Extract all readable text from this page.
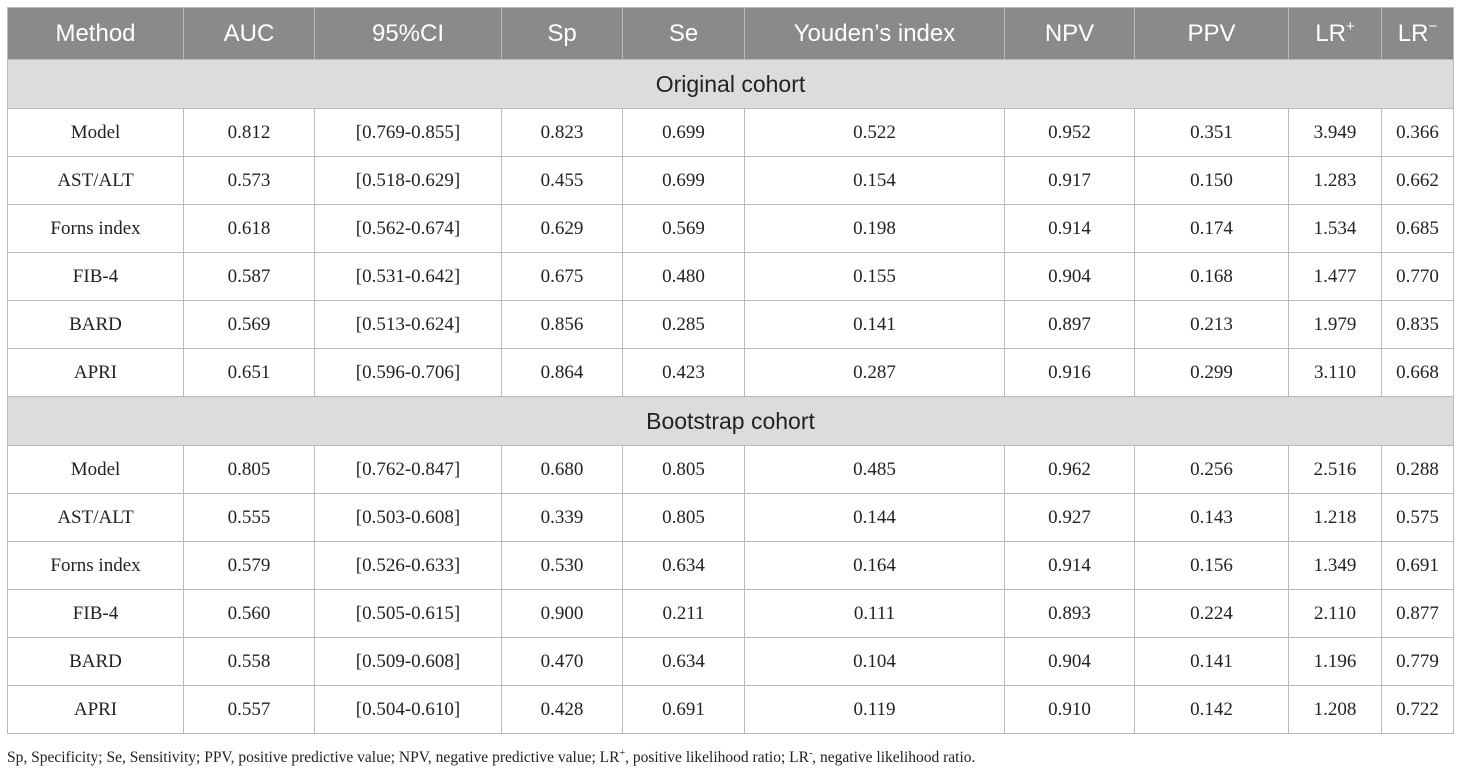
Method	AUC	95%CI	Sp	Se	Youden’s index	NPV	PPV	LR+	LR−
Original cohort									
Model	0.812	[0.769-0.855]	0.823	0.699	0.522	0.952	0.351	3.949	0.366
AST/ALT	0.573	[0.518-0.629]	0.455	0.699	0.154	0.917	0.150	1.283	0.662
Forns index	0.618	[0.562-0.674]	0.629	0.569	0.198	0.914	0.174	1.534	0.685
FIB-4	0.587	[0.531-0.642]	0.675	0.480	0.155	0.904	0.168	1.477	0.770
BARD	0.569	[0.513-0.624]	0.856	0.285	0.141	0.897	0.213	1.979	0.835
APRI	0.651	[0.596-0.706]	0.864	0.423	0.287	0.916	0.299	3.110	0.668
Bootstrap cohort									
Model	0.805	[0.762-0.847]	0.680	0.805	0.485	0.962	0.256	2.516	0.288
AST/ALT	0.555	[0.503-0.608]	0.339	0.805	0.144	0.927	0.143	1.218	0.575
Forns index	0.579	[0.526-0.633]	0.530	0.634	0.164	0.914	0.156	1.349	0.691
FIB-4	0.560	[0.505-0.615]	0.900	0.211	0.111	0.893	0.224	2.110	0.877
BARD	0.558	[0.509-0.608]	0.470	0.634	0.104	0.904	0.141	1.196	0.779
APRI	0.557	[0.504-0.610]	0.428	0.691	0.119	0.910	0.142	1.208	0.722
Sp, Specificity; Se, Sensitivity; PPV, positive predictive value; NPV, negative predictive value; LR+, positive likelihood ratio; LR-, negative likelihood ratio.
